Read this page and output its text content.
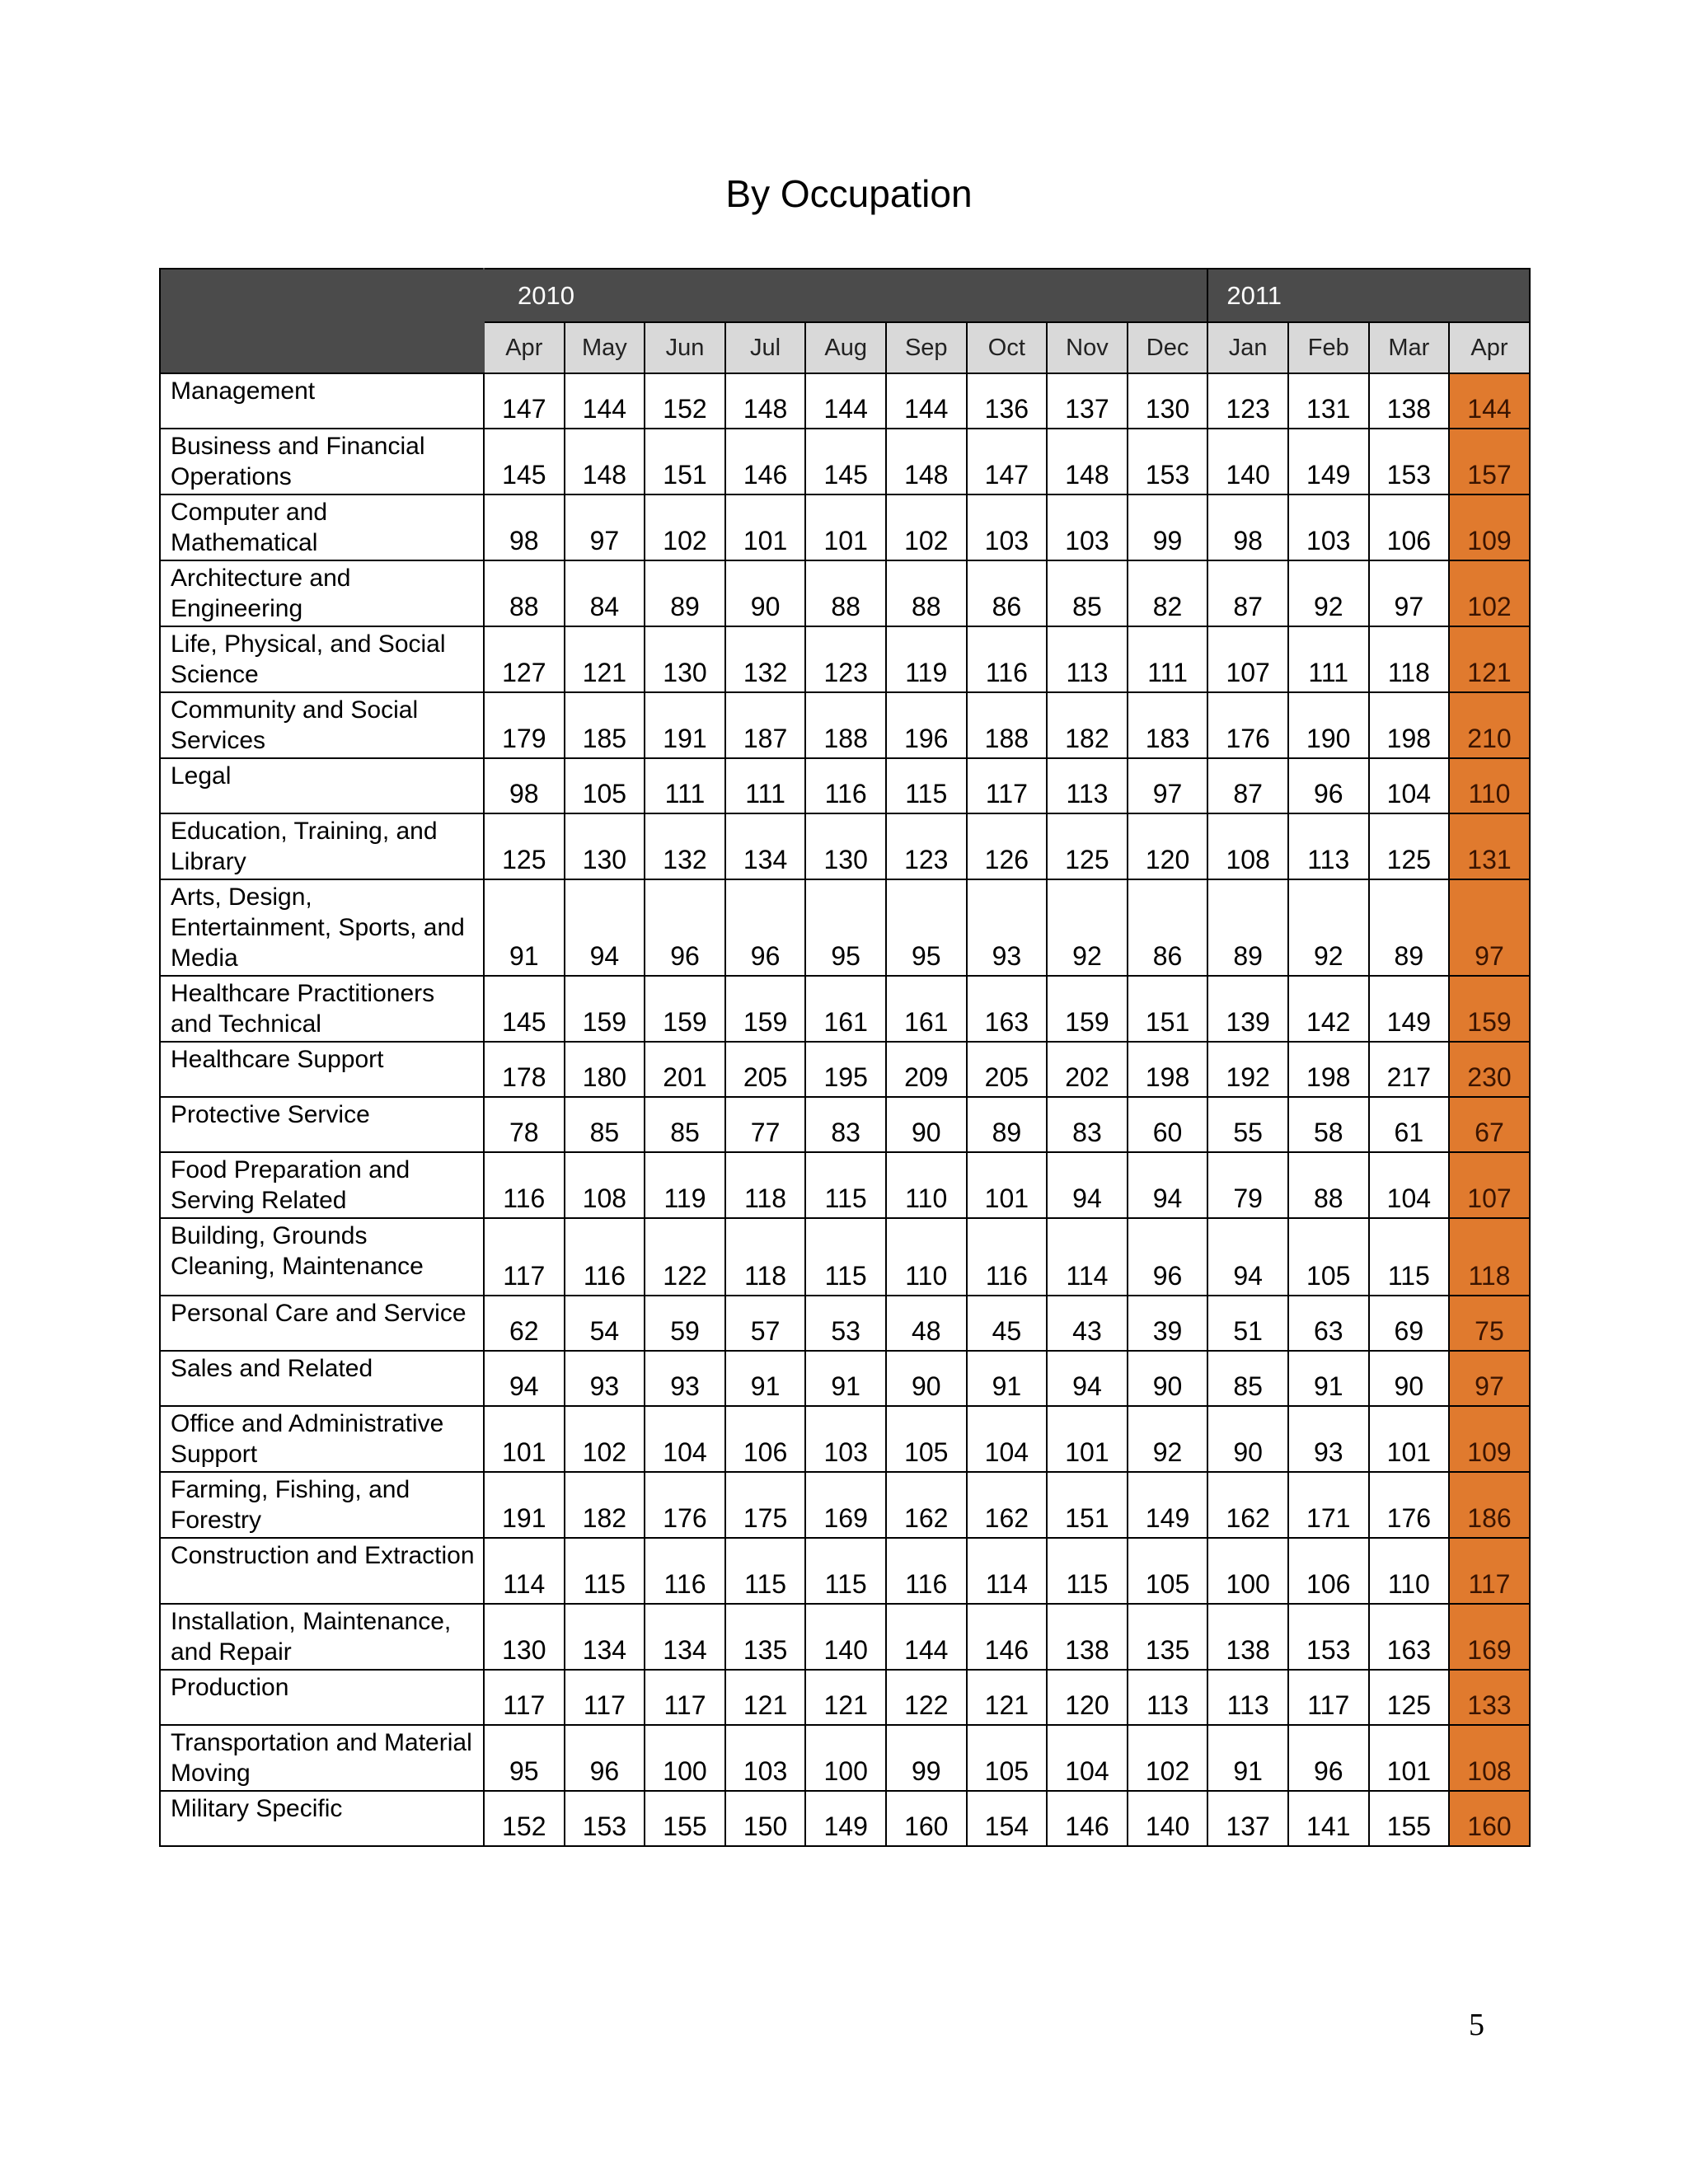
By Occupation
	2010									2011			
	Apr	May	Jun	Jul	Aug	Sep	Oct	Nov	Dec	Jan	Feb	Mar	Apr
Management	147	144	152	148	144	144	136	137	130	123	131	138	144
Business and Financial Operations	145	148	151	146	145	148	147	148	153	140	149	153	157
Computer and Mathematical	98	97	102	101	101	102	103	103	99	98	103	106	109
Architecture and Engineering	88	84	89	90	88	88	86	85	82	87	92	97	102
Life, Physical, and Social Science	127	121	130	132	123	119	116	113	111	107	111	118	121
Community and Social Services	179	185	191	187	188	196	188	182	183	176	190	198	210
Legal	98	105	111	111	116	115	117	113	97	87	96	104	110
Education, Training, and Library	125	130	132	134	130	123	126	125	120	108	113	125	131
Arts, Design, Entertainment, Sports, and Media	91	94	96	96	95	95	93	92	86	89	92	89	97
Healthcare Practitioners and Technical	145	159	159	159	161	161	163	159	151	139	142	149	159
Healthcare Support	178	180	201	205	195	209	205	202	198	192	198	217	230
Protective Service	78	85	85	77	83	90	89	83	60	55	58	61	67
Food Preparation and Serving Related	116	108	119	118	115	110	101	94	94	79	88	104	107
Building, Grounds Cleaning, Maintenance	117	116	122	118	115	110	116	114	96	94	105	115	118
Personal Care and Service	62	54	59	57	53	48	45	43	39	51	63	69	75
Sales and Related	94	93	93	91	91	90	91	94	90	85	91	90	97
Office and Administrative Support	101	102	104	106	103	105	104	101	92	90	93	101	109
Farming, Fishing, and Forestry	191	182	176	175	169	162	162	151	149	162	171	176	186
Construction and Extraction	114	115	116	115	115	116	114	115	105	100	106	110	117
Installation, Maintenance, and Repair	130	134	134	135	140	144	146	138	135	138	153	163	169
Production	117	117	117	121	121	122	121	120	113	113	117	125	133
Transportation and Material Moving	95	96	100	103	100	99	105	104	102	91	96	101	108
Military Specific	152	153	155	150	149	160	154	146	140	137	141	155	160
5
